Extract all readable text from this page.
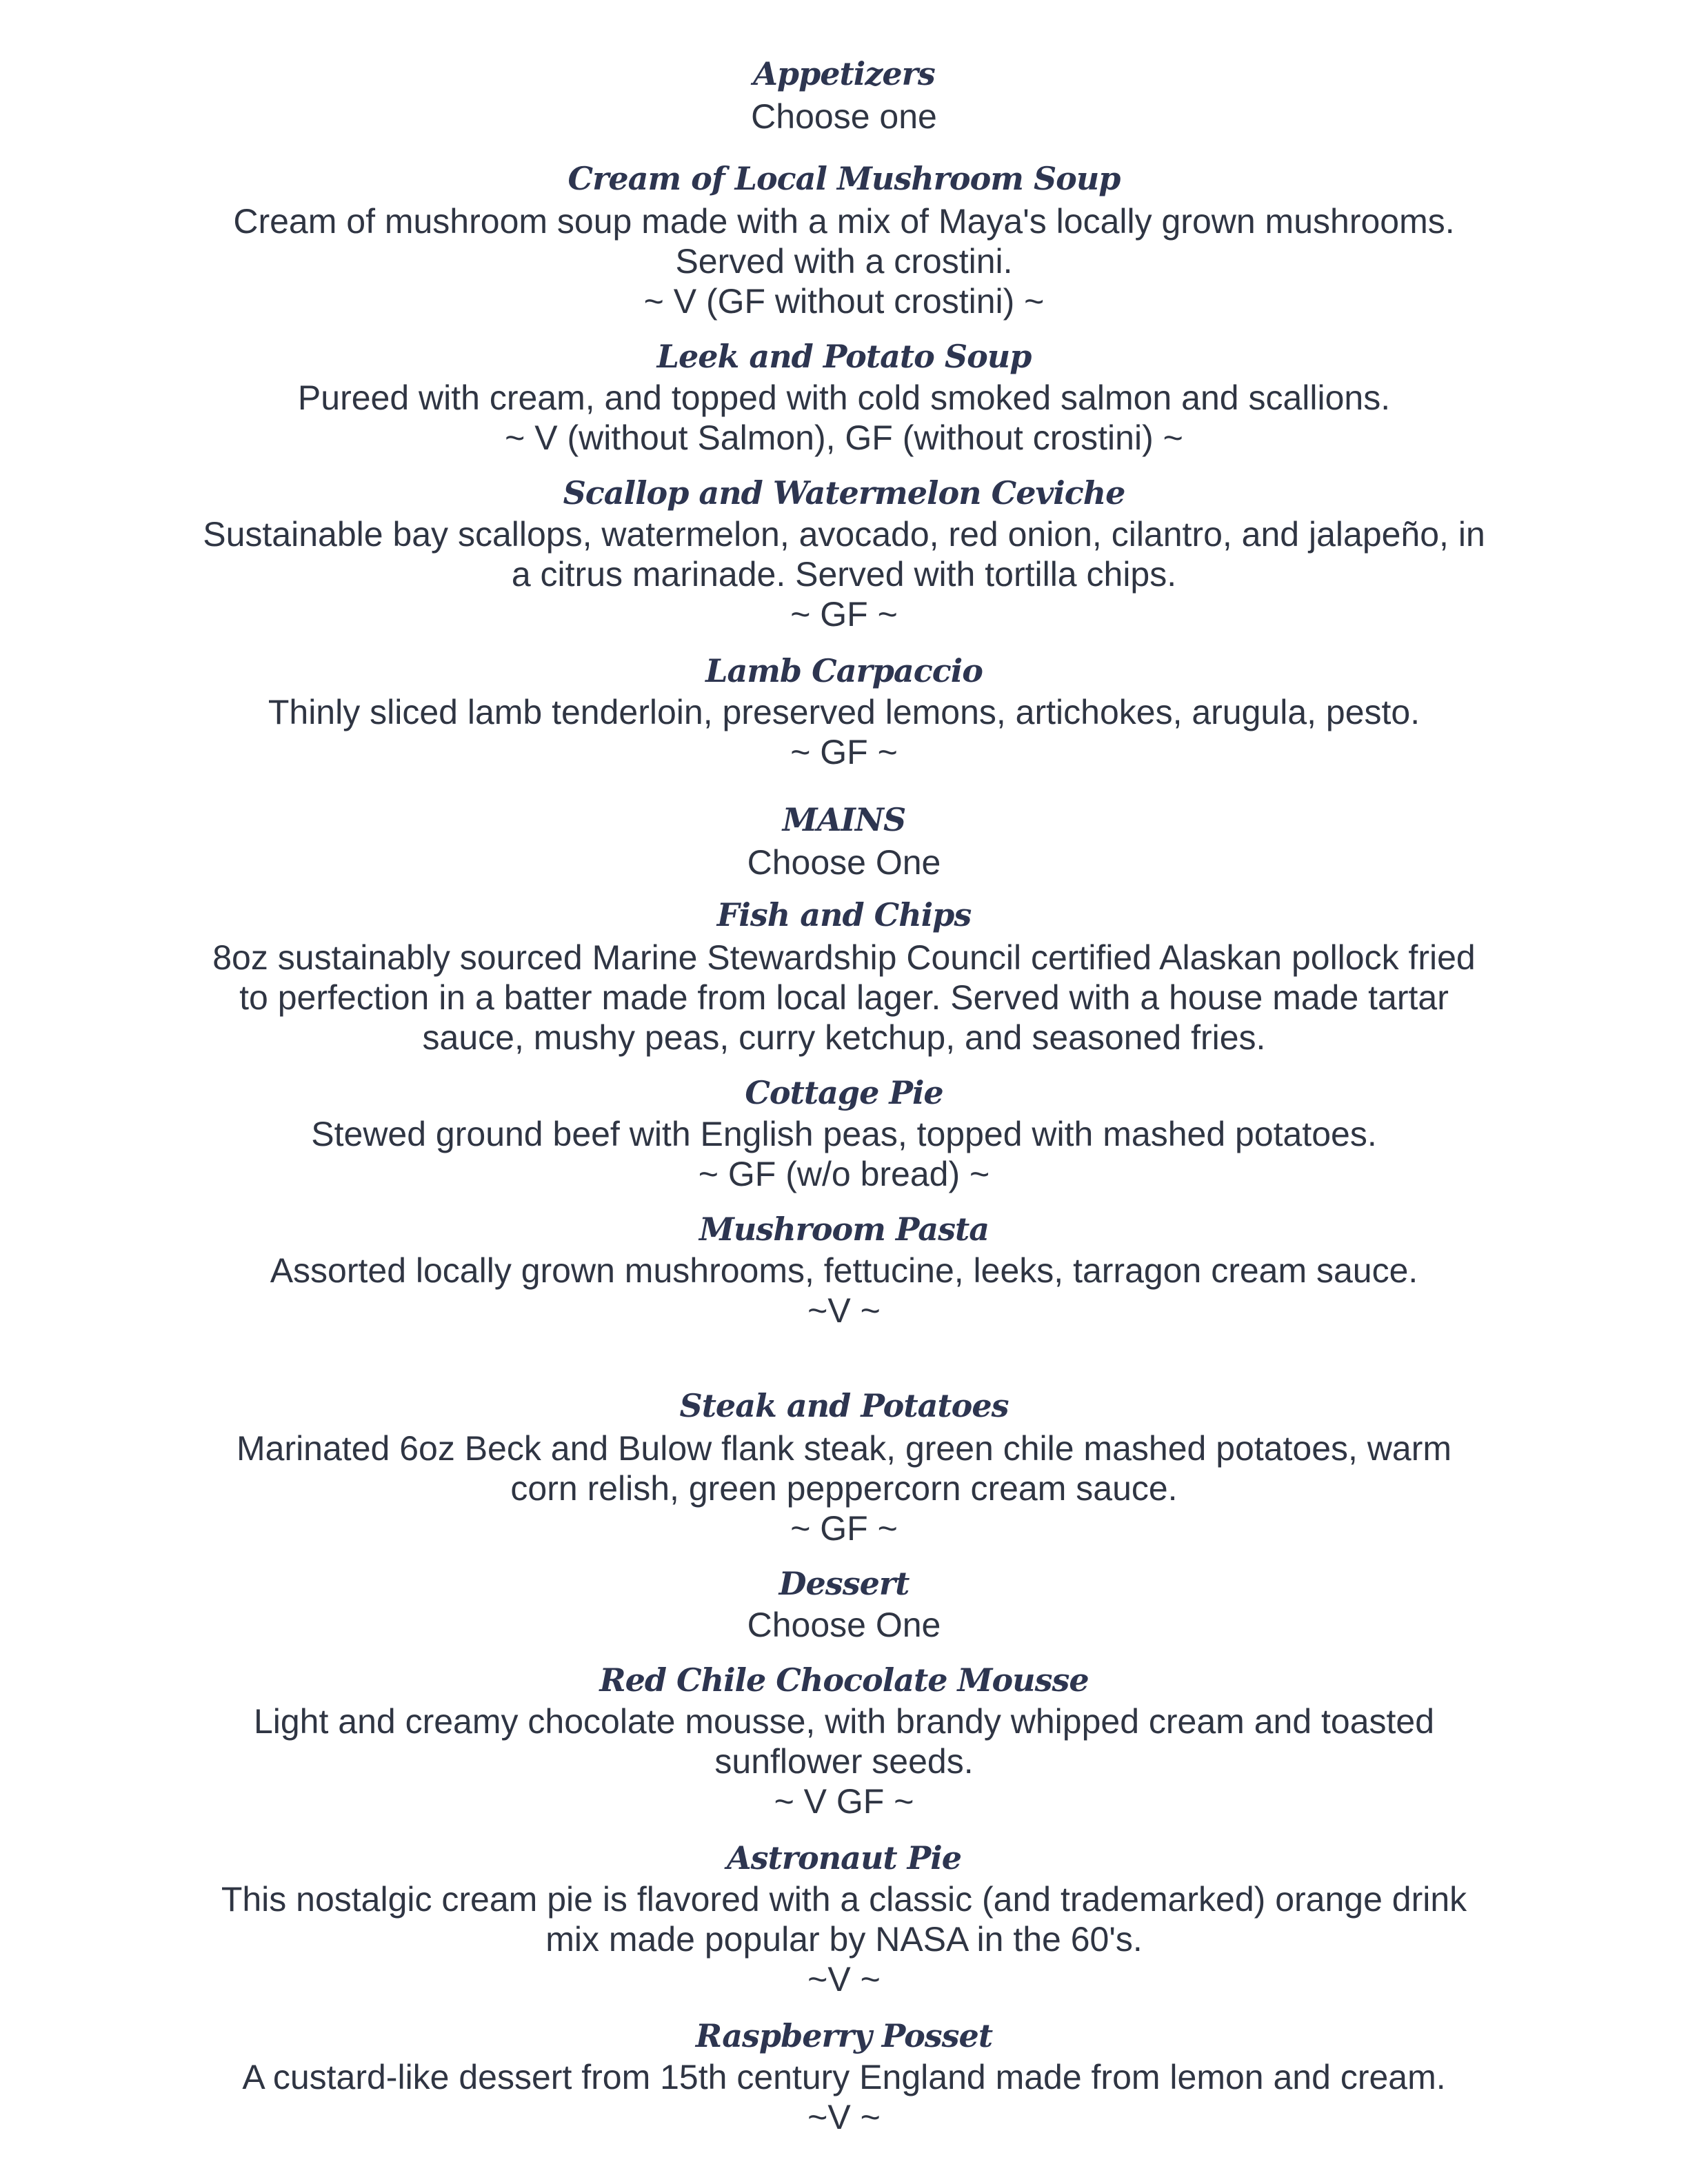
Appetizers
Choose one
Cream of Local Mushroom Soup
Cream of mushroom soup made with a mix of Maya's locally grown mushrooms.
Served with a crostini.
~ V (GF without crostini) ~
Leek and Potato Soup
Pureed with cream, and topped with cold smoked salmon and scallions.
~ V (without Salmon), GF (without crostini) ~
Scallop and Watermelon Ceviche
Sustainable bay scallops, watermelon, avocado, red onion, cilantro, and jalapeño, in
a citrus marinade. Served with tortilla chips.
~ GF ~
Lamb Carpaccio
Thinly sliced lamb tenderloin, preserved lemons, artichokes, arugula, pesto.
~ GF ~
MAINS
Choose One
Fish and Chips
8oz sustainably sourced Marine Stewardship Council certified Alaskan pollock fried
to perfection in a batter made from local lager. Served with a house made tartar
sauce, mushy peas, curry ketchup, and seasoned fries.
Cottage Pie
Stewed ground beef with English peas, topped with mashed potatoes.
~ GF (w/o bread) ~
Mushroom Pasta
Assorted locally grown mushrooms, fettucine, leeks, tarragon cream sauce.
~V ~
Steak and Potatoes
Marinated 6oz Beck and Bulow flank steak, green chile mashed potatoes, warm
corn relish, green peppercorn cream sauce.
~ GF ~
Dessert
Choose One
Red Chile Chocolate Mousse
Light and creamy chocolate mousse, with brandy whipped cream and toasted
sunflower seeds.
~ V GF ~
Astronaut Pie
This nostalgic cream pie is flavored with a classic (and trademarked) orange drink
mix made popular by NASA in the 60's.
~V ~
Raspberry Posset
A custard-like dessert from 15th century England made from lemon and cream.
~V ~
